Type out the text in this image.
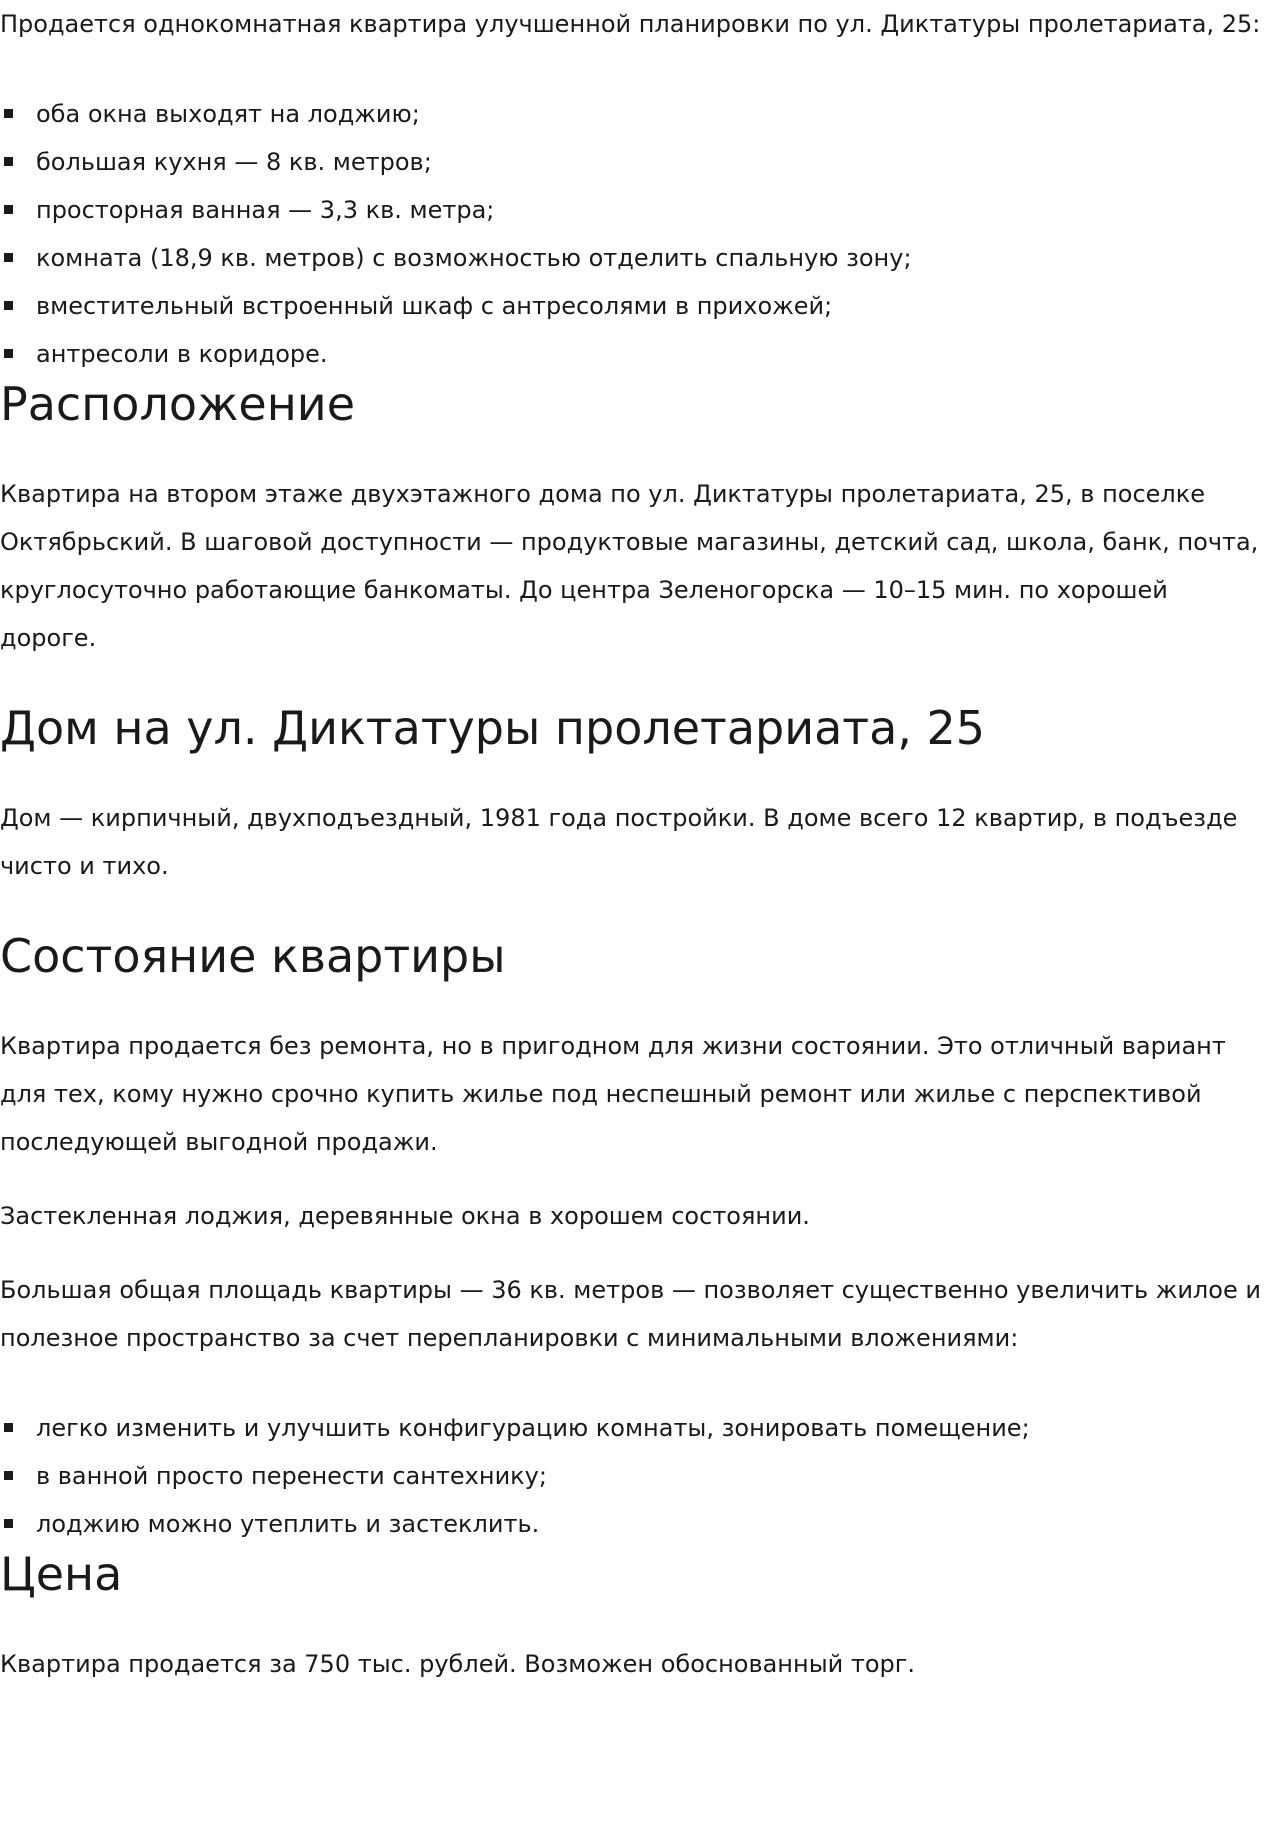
Продается однокомнатная квартира улучшенной планировки по ул. Диктатуры пролетариата, 25:

оба окна выходят на лоджию;
большая кухня — 8 кв. метров;
просторная ванная — 3,3 кв. метра;
комната (18,9 кв. метров) с возможностью отделить спальную зону;
вместительный встроенный шкаф с антресолями в прихожей;
антресоли в коридоре.
Расположение

Квартира на втором этаже двухэтажного дома по ул. Диктатуры пролетариата, 25, в поселке Октябрьский. В шаговой доступности — продуктовые магазины, детский сад, школа, банк, почта, круглосуточно работающие банкоматы. До центра Зеленогорска — 10–15 мин. по хорошей дороге.

Дом на ул. Диктатуры пролетариата, 25

Дом — кирпичный, двухподъездный, 1981 года постройки. В доме всего 12 квартир, в подъезде чисто и тихо.

Состояние квартиры

Квартира продается без ремонта, но в пригодном для жизни состоянии. Это отличный вариант для тех, кому нужно срочно купить жилье под неспешный ремонт или жилье с перспективой последующей выгодной продажи.

Застекленная лоджия, деревянные окна в хорошем состоянии.

Большая общая площадь квартиры — 36 кв. метров — позволяет существенно увеличить жилое и полезное пространство за счет перепланировки с минимальными вложениями:

легко изменить и улучшить конфигурацию комнаты, зонировать помещение;
в ванной просто перенести сантехнику;
лоджию можно утеплить и застеклить.
Цена

Квартира продается за 750 тыс. рублей. Возможен обоснованный торг.
